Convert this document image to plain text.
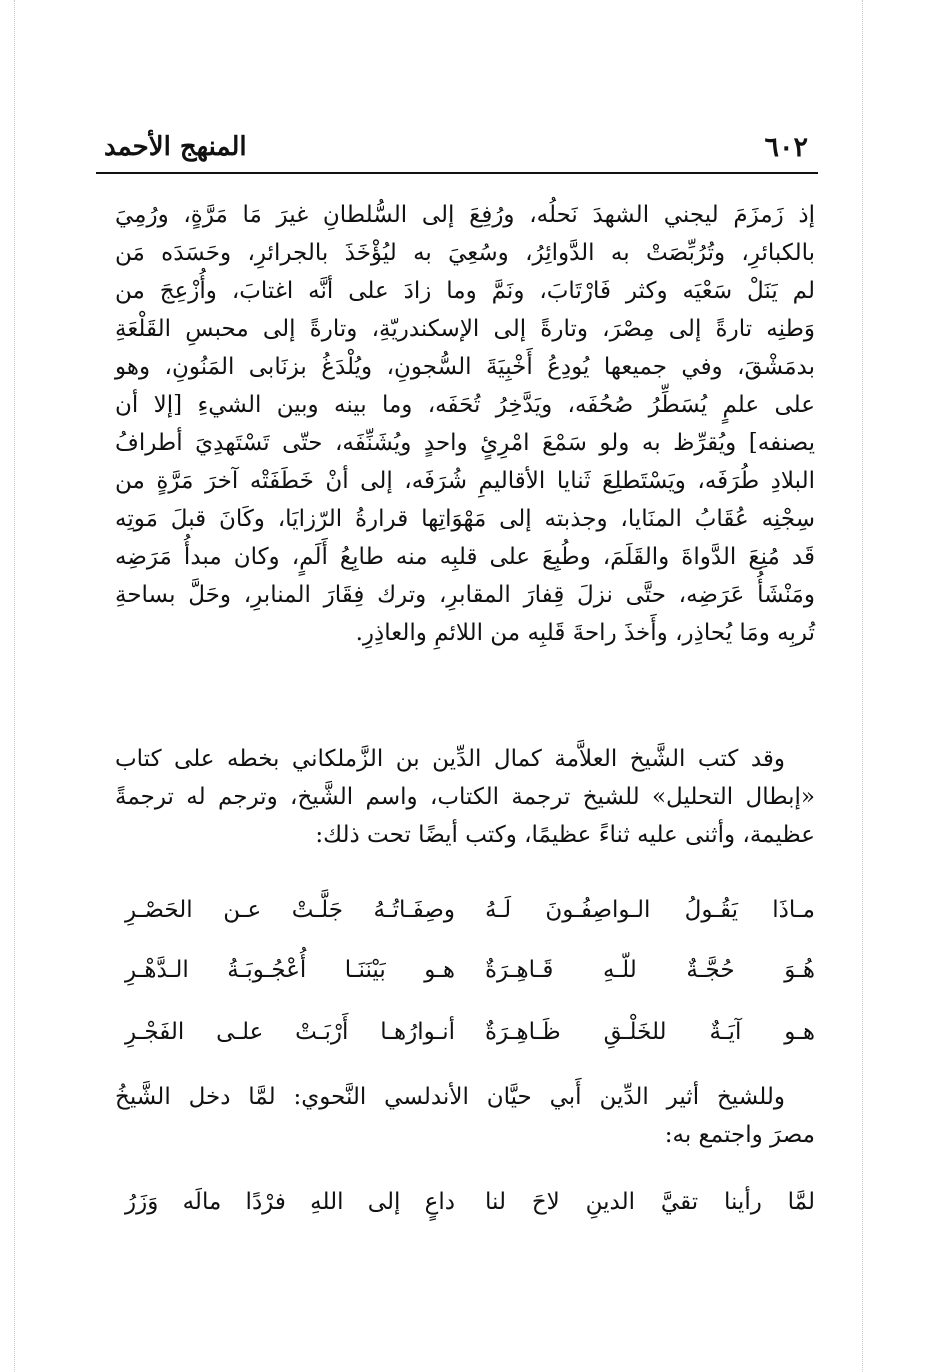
٦٠٢
المنهج الأحمد
إذ زَمزَمَ ليجني الشهدَ نَحلُه، ورُفِعَ إلى السُّلطانِ غيرَ مَا مَرَّةٍ، ورُمِيَ
بالكبائرِ، وتُرُبِّصَتْ به الدَّوائِرُ، وسُعِيَ به ليُؤْخَذَ بالجرائرِ، وحَسَدَه مَن
لم يَنَلْ سَعْيَه وكثر فَارْتَابَ، ونَمَّ وما زادَ على أنَّه اغتابَ، وأُزْعِجَ من
وَطنِه تارةً إلى مِصْرَ، وتارةً إلى الإسكندريّةِ، وتارةً إلى محبسِ القَلْعَةِ
بدمَشْقَ، وفي جميعها يُودِعُ أَخْبِيَةَ السُّجونِ، ويُلْدَغُ بزنَابى المَنُونِ، وهو
على علمٍ يُسَطِّرُ صُحُفَه، ويَدَّخِرُ تُحَفَه، وما بينه وبين الشيءِ [إلا أن
يصنفه] ويُقرِّظ به ولو سَمْعَ امْرِئٍ واحدٍ ويُشَنِّفَه، حتّى تَسْتَهدِيَ أطرافُ
البلادِ طُرَفَه، ويَسْتَطلِعَ ثَنايا الأقاليمِ شُرَفَه، إلى أنْ خَطَفَتْه آخرَ مَرَّةٍ من
سِجْنِه عُقَابُ المنَايا، وجذبته إلى مَهْوَاتِها قرارةُ الرّزايَا، وكَانَ قبلَ مَوتِه
قَد مُنِعَ الدَّواةَ والقَلَمَ، وطُبِعَ على قلبِه منه طابِعُ أَلَمٍ، وكان مبدأُ مَرَضِه
ومَنْشَأُ عَرَضِه، حتَّى نزلَ قِفارَ المقابرِ، وترك فِقَارَ المنابرِ، وحَلَّ بساحةِ
تُربِه ومَا يُحاذِر، وأَخذَ راحةَ قَلبِه من اللائمِ والعاذِرِ.
وقد كتب الشَّيخ العلاَّمة كمال الدِّين بن الزَّملكاني بخطه على كتاب
«إبطال التحليل» للشيخ ترجمة الكتاب، واسم الشَّيخ، وترجم له ترجمةً
عظيمة، وأثنى عليه ثناءً عظيمًا، وكتب أيضًا تحت ذلك:
مـاذَا يَقُـولُ الـواصِفُـونَ لَـهُ
وصِفَـاتُـهُ جَلَّـتْ عـن الحَصْـرِ
هُـوَ حُجَّـةٌ للّـهِ قَـاهِـرَةٌ
هـو بَيْنَنَـا أُعْجُـوبَـةُ الـدَّهْـرِ
هـو آيَـةٌ للخَلْـقِ ظَـاهِـرَةٌ
أنـوارُهـا أَرْبَـتْ علـى الفَجْـرِ
وللشيخ أثير الدِّين أَبي حيَّان الأندلسي النَّحوي: لمَّا دخل الشَّيخُ
مصرَ واجتمع به:
لمَّا رأينا تقيَّ الدينِ لاحَ لنا
داعٍ إلى اللهِ فرْدًا مالَه وَزَرُ
